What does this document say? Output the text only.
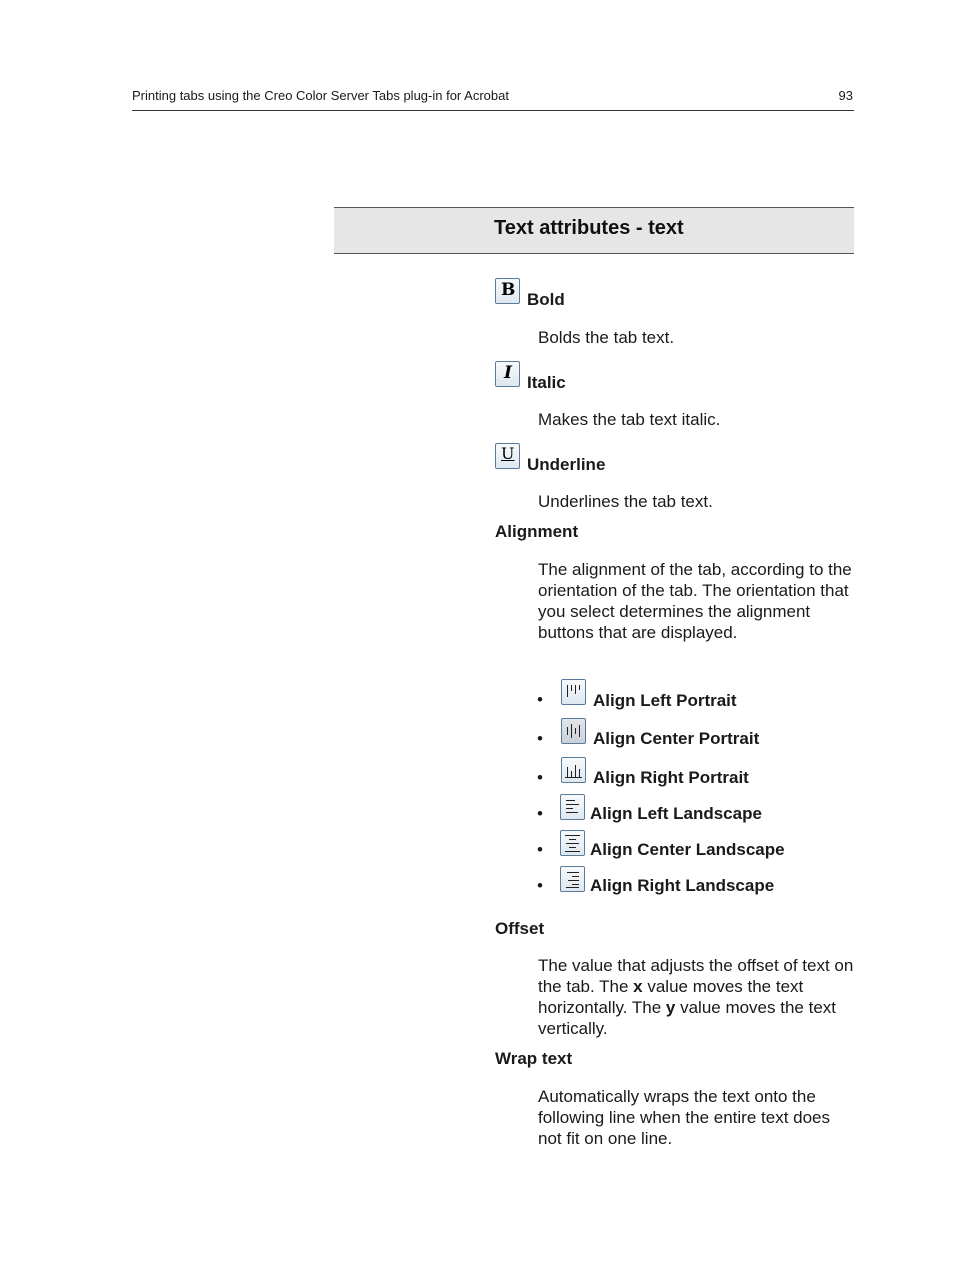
Printing tabs using the Creo Color Server Tabs plug-in for Acrobat	93
Text attributes - text
B Bold
Bolds the tab text.
I Italic
Makes the tab text italic.
U
Underline
Underlines the tab text.
Alignment
The alignment of the tab, according to the orientation of the tab. The orientation that you select determines the alignment buttons that are displayed.
•	Align Left Portrait
•	Align Center Portrait
•	Align Right Portrait
•	Align Left Landscape
•	Align Center Landscape
•	Align Right Landscape
Offset
The value that adjusts the offset of text on the tab. The x value moves the text horizontally. The y value moves the text vertically.
Wrap text
Automatically wraps the text onto the following line when the entire text does not fit on one line.
